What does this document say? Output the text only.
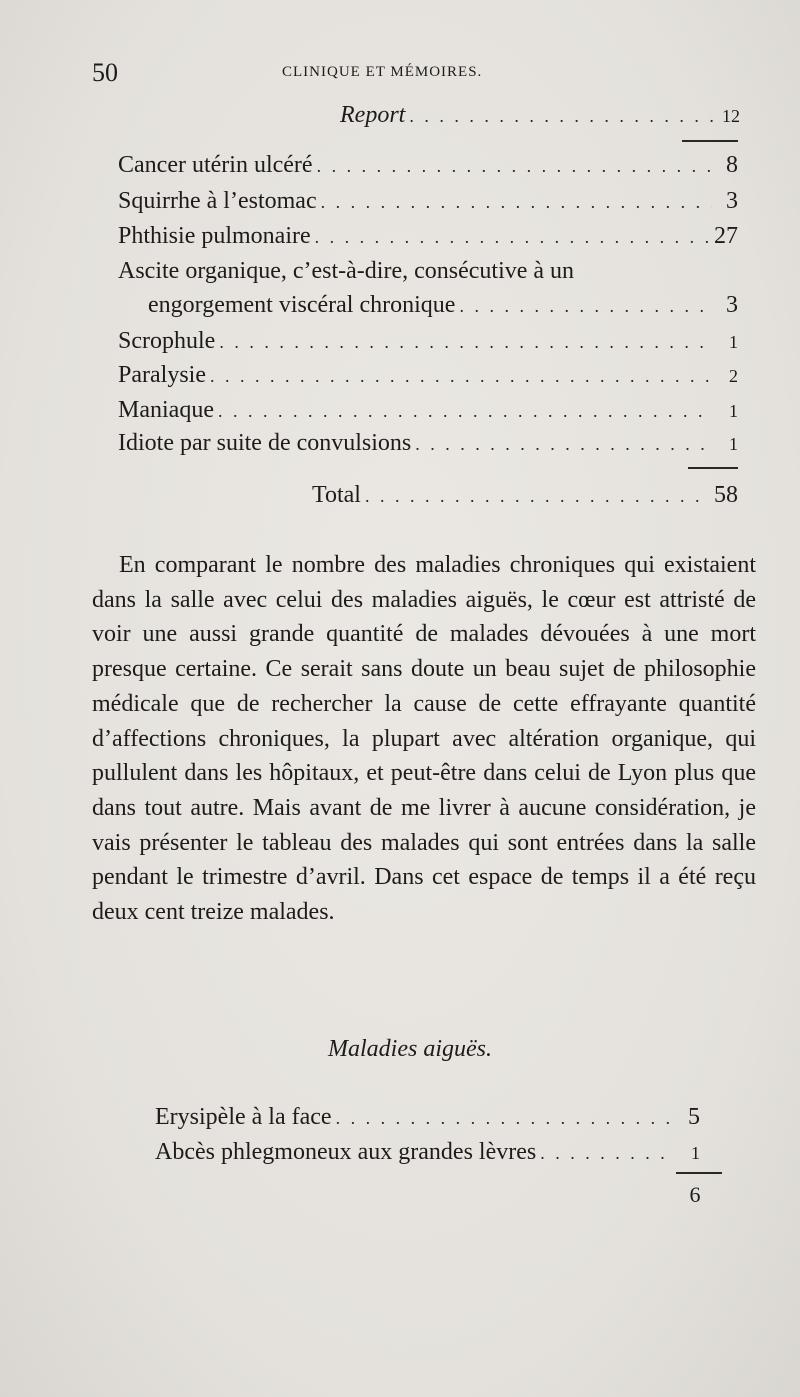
50	CLINIQUE ET MÉMOIRES.
Report . . .	12
Cancer utérin ulcéré . . .	8
Squirrhe à l’estomac . . .	3
Phthisie pulmonaire . . .	27
Ascite organique, c’est-à-dire, consécutive à un
engorgement viscéral chronique . . .	3
Scrophule . . .	1
Paralysie . . .	2
Maniaque . . .	1
Idiote par suite de convulsions . . .	1
Total . . .	58

En comparant le nombre des maladies chroniques qui existaient dans la salle avec celui des maladies aiguës, le cœur est attristé de voir une aussi grande quantité de malades dévouées à une mort presque certaine. Ce serait sans doute un beau sujet de philosophie médicale que de rechercher la cause de cette effrayante quantité d’affections chroniques, la plupart avec altération organique, qui pullulent dans les hôpitaux, et peut-être dans celui de Lyon plus que dans tout autre. Mais avant de me livrer à aucune considération, je vais présenter le tableau des malades qui sont entrées dans la salle pendant le trimestre d’avril. Dans cet espace de temps il a été reçu deux cent treize malades.

Maladies aiguës.
Erysipèle à la face . . .	5
Abcès phlegmoneux aux grandes lèvres . . .	1
6
